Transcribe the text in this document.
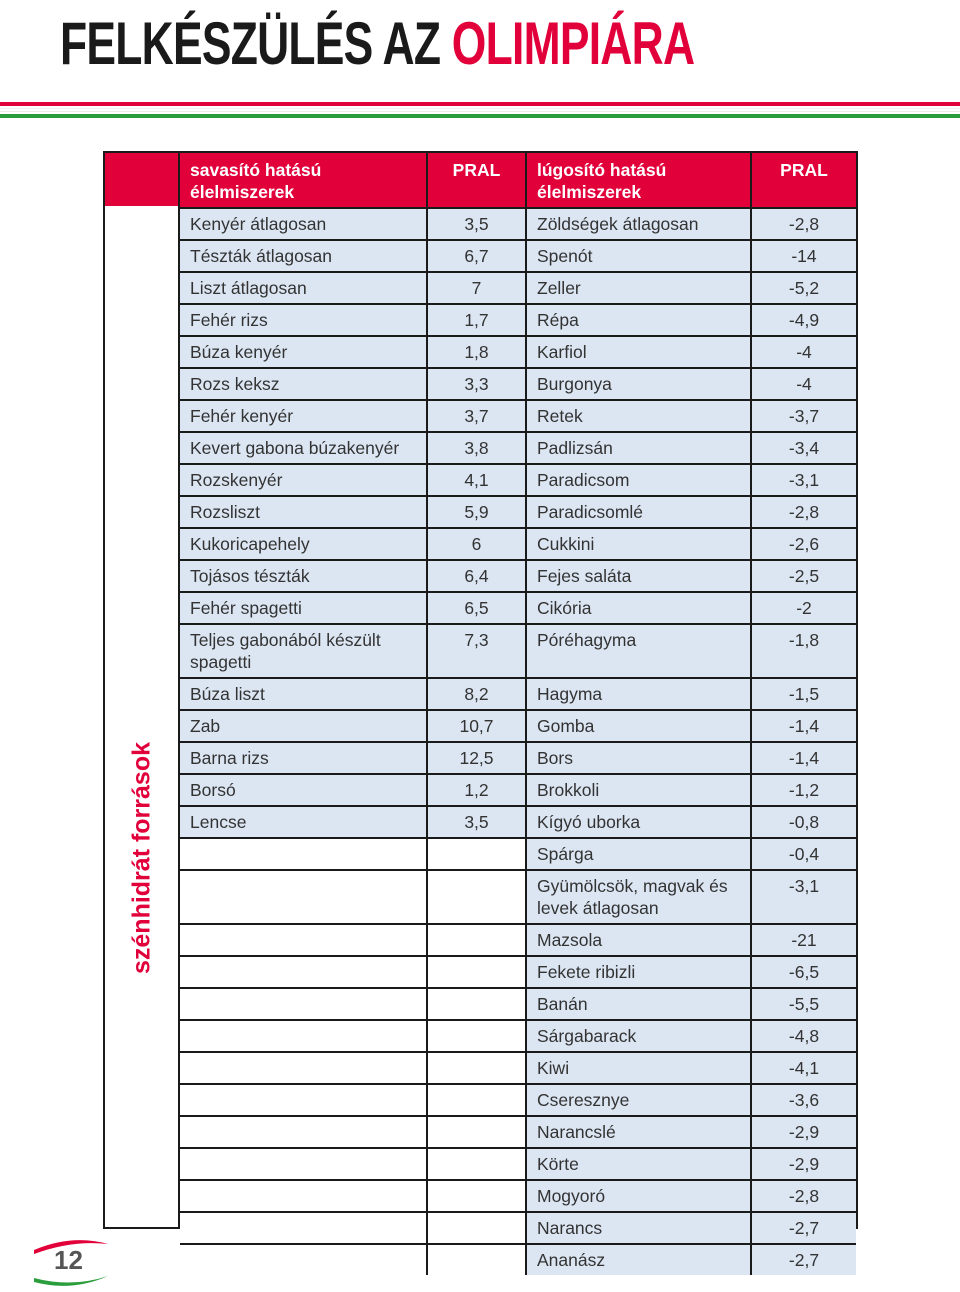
FELKÉSZÜLÉS AZ OLIMPIÁRA
szénhidrát források
savasító hatású élelmiszerek	PRAL	lúgosító hatású élelmiszerek	PRAL
Kenyér átlagosan	3,5	Zöldségek átlagosan	-2,8
Tészták átlagosan	6,7	Spenót	-14
Liszt átlagosan	7	Zeller	-5,2
Fehér rizs	1,7	Répa	-4,9
Búza kenyér	1,8	Karfiol	-4
Rozs keksz	3,3	Burgonya	-4
Fehér kenyér	3,7	Retek	-3,7
Kevert gabona búzakenyér	3,8	Padlizsán	-3,4
Rozskenyér	4,1	Paradicsom	-3,1
Rozsliszt	5,9	Paradicsomlé	-2,8
Kukoricapehely	6	Cukkini	-2,6
Tojásos tészták	6,4	Fejes saláta	-2,5
Fehér spagetti	6,5	Cikória	-2
Teljes gabonából készült spagetti	7,3	Póréhagyma	-1,8
Búza liszt	8,2	Hagyma	-1,5
Zab	10,7	Gomba	-1,4
Barna rizs	12,5	Bors	-1,4
Borsó	1,2	Brokkoli	-1,2
Lencse	3,5	Kígyó uborka	-0,8
		Spárga	-0,4
		Gyümölcsök, magvak és levek átlagosan	-3,1
		Mazsola	-21
		Fekete ribizli	-6,5
		Banán	-5,5
		Sárgabarack	-4,8
		Kiwi	-4,1
		Cseresznye	-3,6
		Narancslé	-2,9
		Körte	-2,9
		Mogyoró	-2,8
		Narancs	-2,7
		Ananász	-2,7
12
